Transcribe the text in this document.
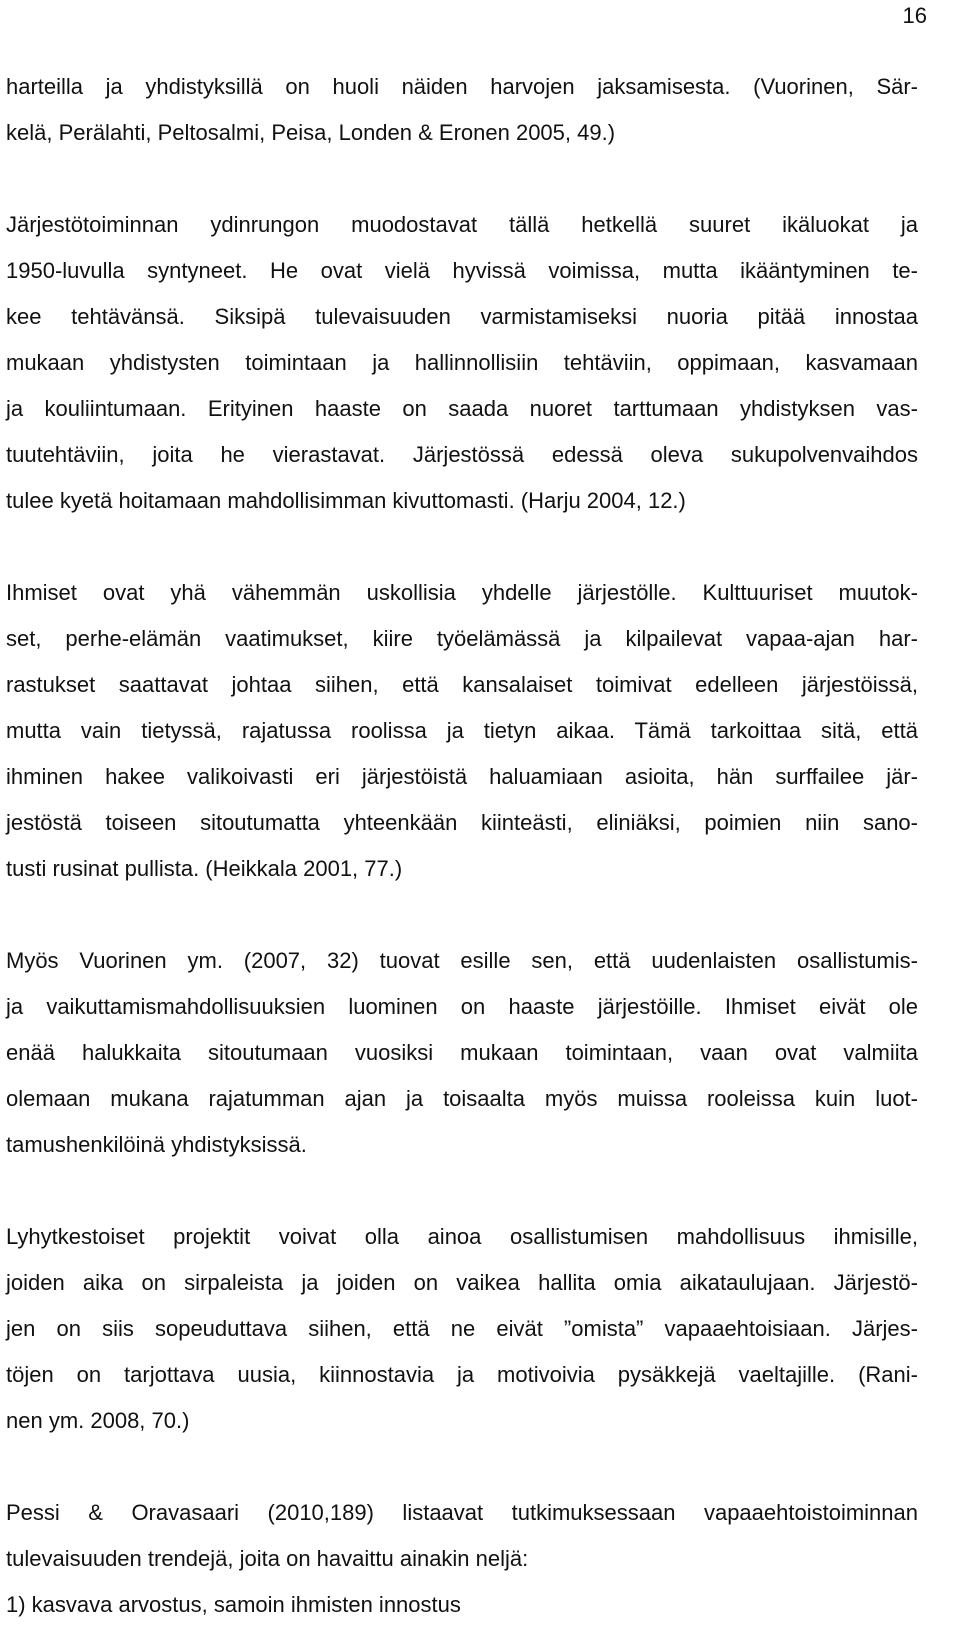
16
harteilla ja yhdistyksillä on huoli näiden harvojen jaksamisesta. (Vuorinen, Sär-
kelä, Perälahti, Peltosalmi, Peisa, Londen & Eronen 2005, 49.)
Järjestötoiminnan ydinrungon muodostavat tällä hetkellä suuret ikäluokat ja
1950-luvulla syntyneet. He ovat vielä hyvissä voimissa, mutta ikääntyminen te-
kee tehtävänsä. Siksipä tulevaisuuden varmistamiseksi nuoria pitää innostaa
mukaan yhdistysten toimintaan ja hallinnollisiin tehtäviin, oppimaan, kasvamaan
ja kouliintumaan. Erityinen haaste on saada nuoret tarttumaan yhdistyksen vas-
tuutehtäviin, joita he vierastavat. Järjestössä edessä oleva sukupolvenvaihdos
tulee kyetä hoitamaan mahdollisimman kivuttomasti. (Harju 2004, 12.)
Ihmiset ovat yhä vähemmän uskollisia yhdelle järjestölle. Kulttuuriset muutok-
set, perhe-elämän vaatimukset, kiire työelämässä ja kilpailevat vapaa-ajan har-
rastukset saattavat johtaa siihen, että kansalaiset toimivat edelleen järjestöissä,
mutta vain tietyssä, rajatussa roolissa ja tietyn aikaa. Tämä tarkoittaa sitä, että
ihminen hakee valikoivasti eri järjestöistä haluamiaan asioita, hän surffailee jär-
jestöstä toiseen sitoutumatta yhteenkään kiinteästi, eliniäksi, poimien niin sano-
tusti rusinat pullista. (Heikkala 2001, 77.)
Myös Vuorinen ym. (2007, 32) tuovat esille sen, että uudenlaisten osallistumis-
ja vaikuttamismahdollisuuksien luominen on haaste järjestöille. Ihmiset eivät ole
enää halukkaita sitoutumaan vuosiksi mukaan toimintaan, vaan ovat valmiita
olemaan mukana rajatumman ajan ja toisaalta myös muissa rooleissa kuin luot-
tamushenkilöinä yhdistyksissä.
Lyhytkestoiset projektit voivat olla ainoa osallistumisen mahdollisuus ihmisille,
joiden aika on sirpaleista ja joiden on vaikea hallita omia aikataulujaan. Järjestö-
jen on siis sopeuduttava siihen, että ne eivät ”omista” vapaaehtoisiaan. Järjes-
töjen on tarjottava uusia, kiinnostavia ja motivoivia pysäkkejä vaeltajille. (Rani-
nen ym. 2008, 70.)
Pessi & Oravasaari (2010,189) listaavat tutkimuksessaan vapaaehtoistoiminnan
tulevaisuuden trendejä, joita on havaittu ainakin neljä:
1) kasvava arvostus, samoin ihmisten innostus
